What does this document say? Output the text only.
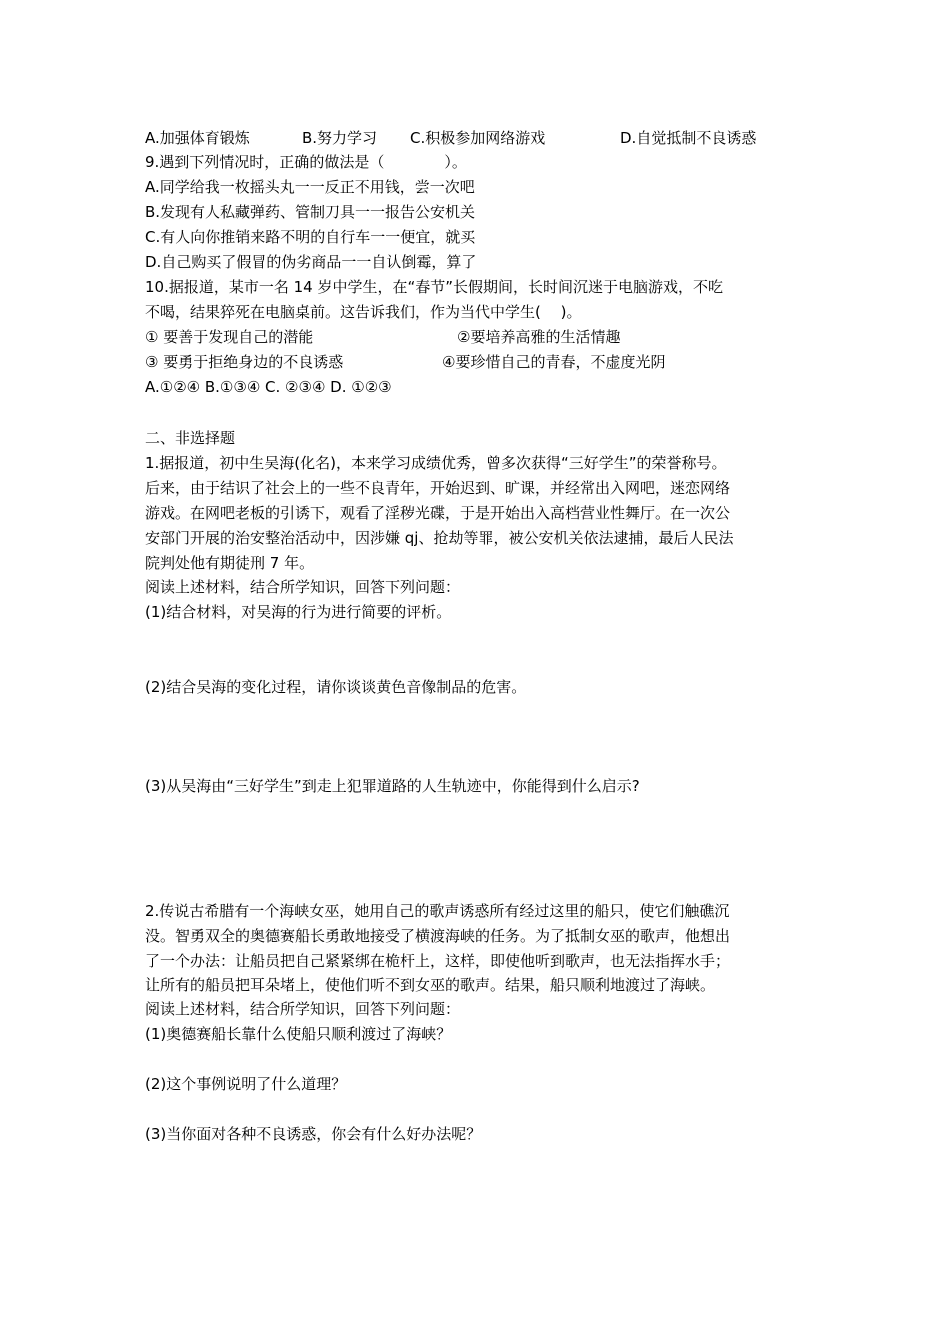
A.加强体育锻炼	B.努力学习 C.积极参加网络游戏	D.自觉抵制不良诱惑
9.遇到下列情况时，正确的做法是（　　　　）。
A.同学给我一枚摇头丸一一反正不用钱，尝一次吧
B.发现有人私藏弹药、管制刀具一一报告公安机关
C.有人向你推销来路不明的自行车一一便宜，就买
D.自己购买了假冒的伪劣商品一一自认倒霉，算了
10.据报道，某市一名 14 岁中学生，在“春节”长假期间，长时间沉迷于电脑游戏，不吃
不喝，结果猝死在电脑桌前。这告诉我们，作为当代中学生(　 )。
① 要善于发现自己的潜能	②要培养高雅的生活情趣
③ 要勇于拒绝身边的不良诱惑	④要珍惜自己的青春，不虚度光阴
A.①②④ B.①③④ C. ②③④ D. ①②③
二、非选择题
1.据报道，初中生吴海(化名)，本来学习成绩优秀，曾多次获得“三好学生”的荣誉称号。
后来，由于结识了社会上的一些不良青年，开始迟到、旷课，并经常出入网吧，迷恋网络
游戏。在网吧老板的引诱下，观看了淫秽光碟，于是开始出入高档营业性舞厅。在一次公
安部门开展的治安整治活动中，因涉嫌 qj、抢劫等罪，被公安机关依法逮捕，最后人民法
院判处他有期徒刑 7 年。
阅读上述材料，结合所学知识，回答下列问题：
(1)结合材料，对吴海的行为进行简要的评析。
(2)结合吴海的变化过程，请你谈谈黄色音像制品的危害。
(3)从吴海由“三好学生”到走上犯罪道路的人生轨迹中，你能得到什么启示?
2.传说古希腊有一个海峡女巫，她用自己的歌声诱惑所有经过这里的船只，使它们触礁沉
没。智勇双全的奥德赛船长勇敢地接受了横渡海峡的任务。为了抵制女巫的歌声，他想出
了一个办法：让船员把自己紧紧绑在桅杆上，这样，即使他听到歌声，也无法指挥水手；
让所有的船员把耳朵堵上，使他们听不到女巫的歌声。结果，船只顺利地渡过了海峡。
阅读上述材料，结合所学知识，回答下列问题：
(1)奥德赛船长靠什么使船只顺利渡过了海峡？
(2)这个事例说明了什么道理？
(3)当你面对各种不良诱惑，你会有什么好办法呢？
